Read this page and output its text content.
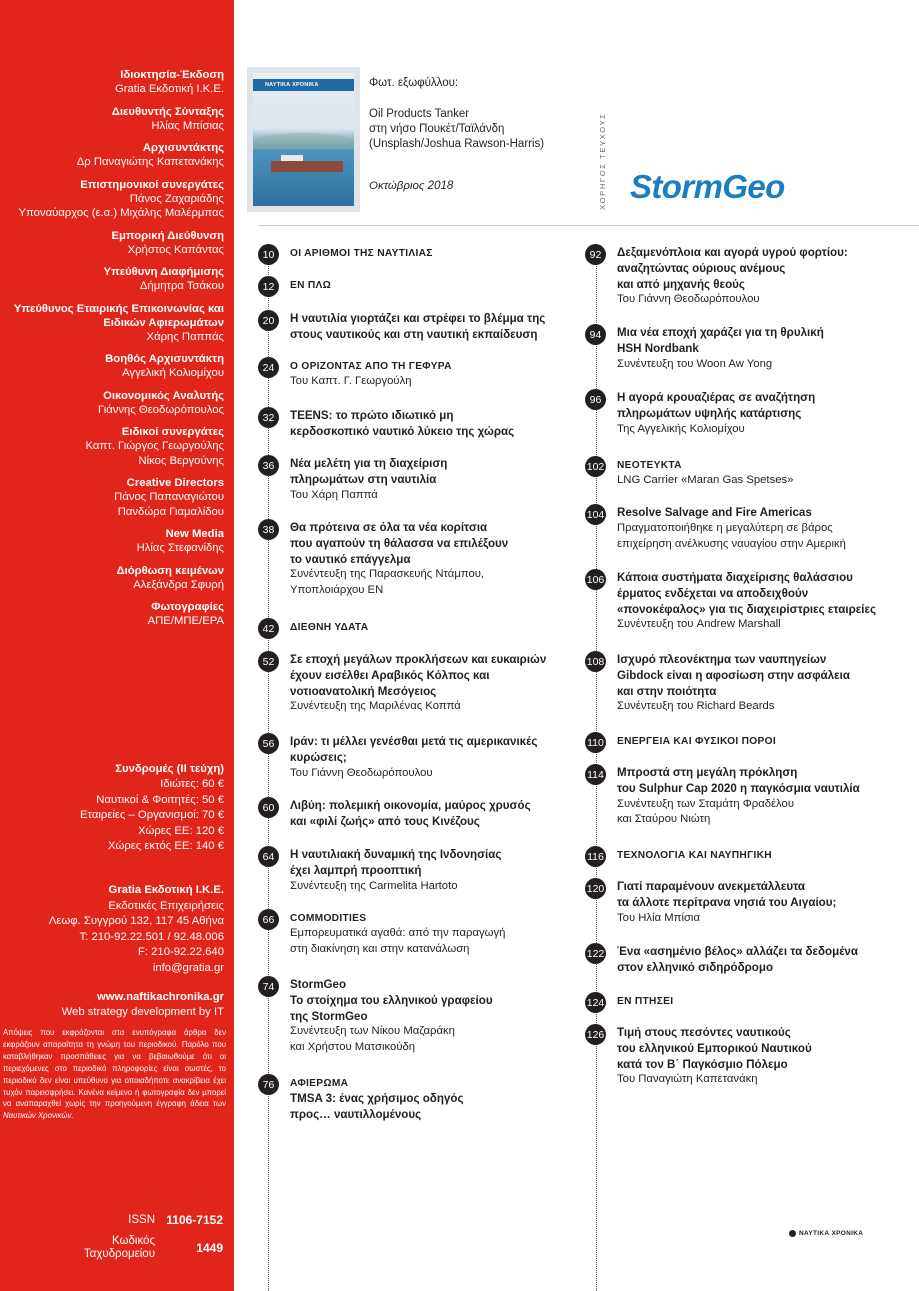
Ιδιοκτησία-Έκδοση
Gratia Εκδοτική Ι.Κ.Ε.
Διευθυντής Σύνταξης
Ηλίας Μπίσιας
Αρχισυντάκτης
Δρ Παναγιώτης Καπετανάκης
Επιστημονικοί συνεργάτες
Πάνος Ζαχαριάδης
Υποναύαρχος (ε.α.) Μιχάλης Μαλέρμπας
Εμπορική Διεύθυνση
Χρήστος Καπάντας
Υπεύθυνη Διαφήμισης
Δήμητρα Τσάκου
Υπεύθυνος Εταιρικής Επικοινωνίας και Ειδικών Αφιερωμάτων
Χάρης Παππάς
Βοηθός Αρχισυντάκτη
Αγγελική Κολιομίχου
Οικονομικός Αναλυτής
Γιάννης Θεοδωρόπουλος
Ειδικοί συνεργάτες
Καπτ. Γιώργος Γεωργούλης
Νίκος Βεργούνης
Creative Directors
Πάνος Παπαναγιώτου
Πανδώρα Γιαμαλίδου
New Media
Ηλίας Στεφανίδης
Διόρθωση κειμένων
Αλεξάνδρα Σφυρή
Φωτογραφίες
ΑΠΕ/ΜΠΕ/ΕΡΑ
Συνδρομές (ΙΙ τεύχη)
Ιδιώτες: 60 €
Ναυτικοί & Φοιτητές: 50 €
Εταιρείες – Οργανισμοί: 70 €
Χώρες ΕΕ: 120 €
Χώρες εκτός ΕΕ: 140 €
Gratia Εκδοτική Ι.Κ.Ε.
Εκδοτικές Επιχειρήσεις
Λεωφ. Συγγρού 132, 117 45 Αθήνα
T: 210-92.22.501 / 92.48.006
F: 210-92.22.640
info@gratia.gr
www.naftikachronika.gr
Web strategy development by IT
Απόψεις που εκφράζονται στα ενυπόγραφα άρθρα δεν εκφράζουν απαραίτητα τη γνώμη του περιοδικού. Παρόλο που καταβλήθηκαν προσπάθειες για να βεβαιωθούμε ότι οι περιεχόμενες στο περιοδικό πληροφορίες είναι σωστές, το περιοδικό δεν είναι υπεύθυνο για οποιαδήποτε ανακρίβεια έχει τυχόν παρεισφρήσει. Κανένα κείμενο ή φωτογραφία δεν μπορεί να αναπαραχθεί χωρίς την προηγούμενη έγγραφη άδεια των Ναυτικών Χρονικών.
ISSN 1106-7152
Κωδικός
Ταχυδρομείου	1449
ΝΑΥΤΙΚΑ ΧΡΟΝΙΚΑ	Φωτ. εξωφύλλου:
Oil Products Tanker
στη νήσο Πουκέτ/Ταϊλάνδη
(Unsplash/Joshua Rawson-Harris)
Οκτώβριος 2018	ΧΟΡΗΓΟΣ ΤΕΥΧΟΥΣ StormGeo
10	ΟΙ ΑΡΙΘΜΟΙ ΤΗΣ ΝΑΥΤΙΛΙΑΣ
12	ΕΝ ΠΛΩ
20	Η ναυτιλία γιορτάζει και στρέφει το βλέμμα της
στους ναυτικούς και στη ναυτική εκπαίδευση
24	Ο ΟΡΙΖΟΝΤΑΣ ΑΠΟ ΤΗ ΓΕΦΥΡΑ
Του Καπτ. Γ. Γεωργούλη
32	TEENS: το πρώτο ιδιωτικό μη
κερδοσκοπικό ναυτικό λύκειο της χώρας
36	Νέα μελέτη για τη διαχείριση
πληρωμάτων στη ναυτιλία
Του Χάρη Παππά
38	Θα πρότεινα σε όλα τα νέα κορίτσια
που αγαπούν τη θάλασσα να επιλέξουν
το ναυτικό επάγγελμα
Συνέντευξη της Παρασκευής Ντάμπου,
Υποπλοιάρχου ΕΝ
42	ΔΙΕΘΝΗ ΥΔΑΤΑ
52	Σε εποχή μεγάλων προκλήσεων και ευκαιριών
έχουν εισέλθει Αραβικός Κόλπος και
νοτιοανατολική Μεσόγειος
Συνέντευξη της Μαριλένας Κοππά
56	Ιράν: τι μέλλει γενέσθαι μετά τις αμερικανικές
κυρώσεις;
Του Γιάννη Θεοδωρόπουλου
60	Λιβύη: πολεμική οικονομία, μαύρος χρυσός
και «φιλί ζωής» από τους Κινέζους
64	Η ναυτιλιακή δυναμική της Ινδονησίας
έχει λαμπρή προοπτική
Συνέντευξη της Carmelita Hartoto
66	COMMODITIES
Εμπορευματικά αγαθά: από την παραγωγή
στη διακίνηση και στην κατανάλωση
74	StormGeo
Το στοίχημα του ελληνικού γραφείου
της StormGeo
Συνέντευξη των Νίκου Μαζαράκη
και Χρήστου Ματσικούδη
76	ΑΦΙΕΡΩΜΑ
TMSA 3: ένας χρήσιμος οδηγός
προς… ναυτιλλομένους
92	Δεξαμενόπλοια και αγορά υγρού φορτίου:
αναζητώντας ούριους ανέμους
και από μηχανής θεούς
Του Γιάννη Θεοδωρόπουλου
94	Μια νέα εποχή χαράζει για τη θρυλική
HSH Nordbank
Συνέντευξη του Woon Aw Yong
96	Η αγορά κρουαζιέρας σε αναζήτηση
πληρωμάτων υψηλής κατάρτισης
Της Αγγελικής Κολιομίχου
102 ΝΕΟΤΕΥΚΤΑ
LNG Carrier «Maran Gas Spetses»
104 Resolve Salvage and Fire Americas
Πραγματοποιήθηκε η μεγαλύτερη σε βάρος
επιχείρηση ανέλκυσης ναυαγίου στην Αμερική
106 Κάποια συστήματα διαχείρισης θαλάσσιου
έρματος ενδέχεται να αποδειχθούν
«πονοκέφαλος» για τις διαχειρίστριες εταιρείες
Συνέντευξη του Andrew Marshall
108 Ισχυρό πλεονέκτημα των ναυπηγείων
Gibdock είναι η αφοσίωση στην ασφάλεια
και στην ποιότητα
Συνέντευξη του Richard Beards
110 ΕΝΕΡΓΕΙΑ ΚΑΙ ΦΥΣΙΚΟΙ ΠΟΡΟΙ
114 Μπροστά στη μεγάλη πρόκληση
του Sulphur Cap 2020 η παγκόσμια ναυτιλία
Συνέντευξη των Σταμάτη Φραδέλου
και Σταύρου Νιώτη
116 ΤΕΧΝΟΛΟΓΙΑ ΚΑΙ ΝΑΥΠΗΓΙΚΗ
120 Γιατί παραμένουν ανεκμετάλλευτα
τα άλλοτε περίτρανα νησιά του Αιγαίου;
Του Ηλία Μπίσια
122 Ένα «ασημένιο βέλος» αλλάζει τα δεδομένα
στον ελληνικό σιδηρόδρομο
124 ΕΝ ΠΤΗΣΕΙ
126 Τιμή στους πεσόντες ναυτικούς
του ελληνικού Εμπορικού Ναυτικού
κατά τον Β΄ Παγκόσμιο Πόλεμο
Του Παναγιώτη Καπετανάκη
ΝΑΥΤΙΚΑ ΧΡΟΝΙΚΑ
